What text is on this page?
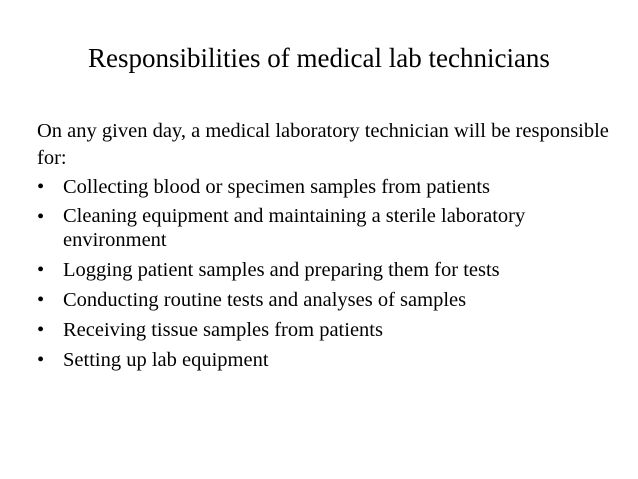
Responsibilities of medical lab technicians

On any given day, a medical laboratory technician will be responsible for:

• Collecting blood or specimen samples from patients
• Cleaning equipment and maintaining a sterile laboratory environment
• Logging patient samples and preparing them for tests
• Conducting routine tests and analyses of samples
• Receiving tissue samples from patients
• Setting up lab equipment
